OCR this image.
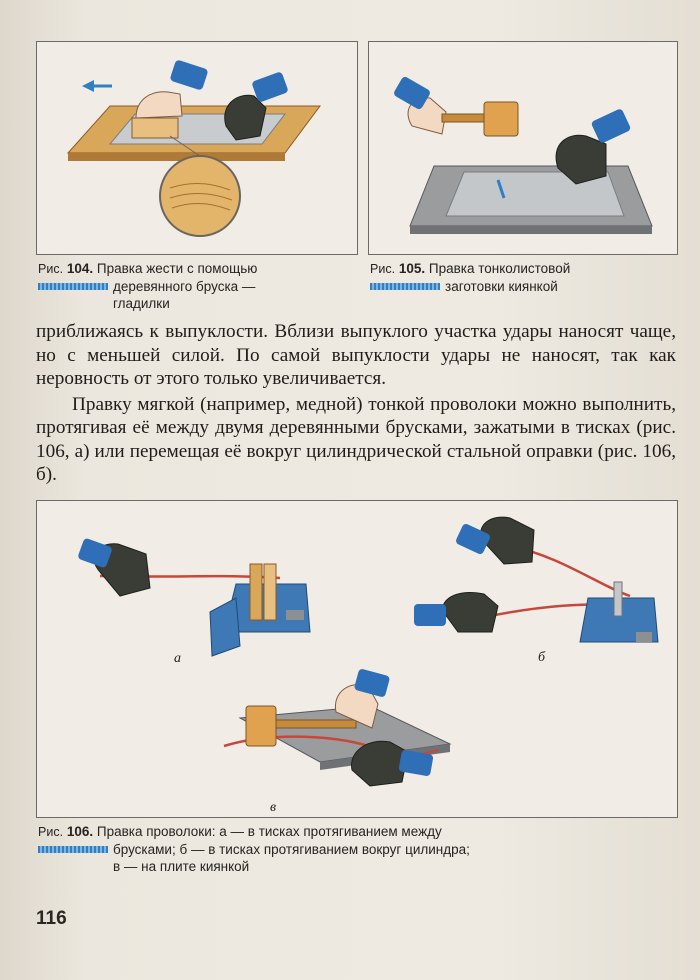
Рис. 104. Правка жести с помощью
деревянного бруска —
гладилки
Рис. 105. Правка тонколистовой
заготовки киянкой

приближаясь к выпуклости. Вблизи выпуклого участка удары наносят чаще, но с меньшей силой. По самой выпуклости удары не наносят, так как неровность от этого только увеличивается.

Правку мягкой (например, медной) тонкой проволоки можно выполнить, протягивая её между двумя деревянными брусками, зажатыми в тисках (рис. 106, а) или перемещая её вокруг цилиндрической стальной оправки (рис. 106, б).

а	б
в
Рис. 106. Правка проволоки: а — в тисках протягиванием между
брусками; б — в тисках протягиванием вокруг цилиндра;
в — на плите киянкой
116
